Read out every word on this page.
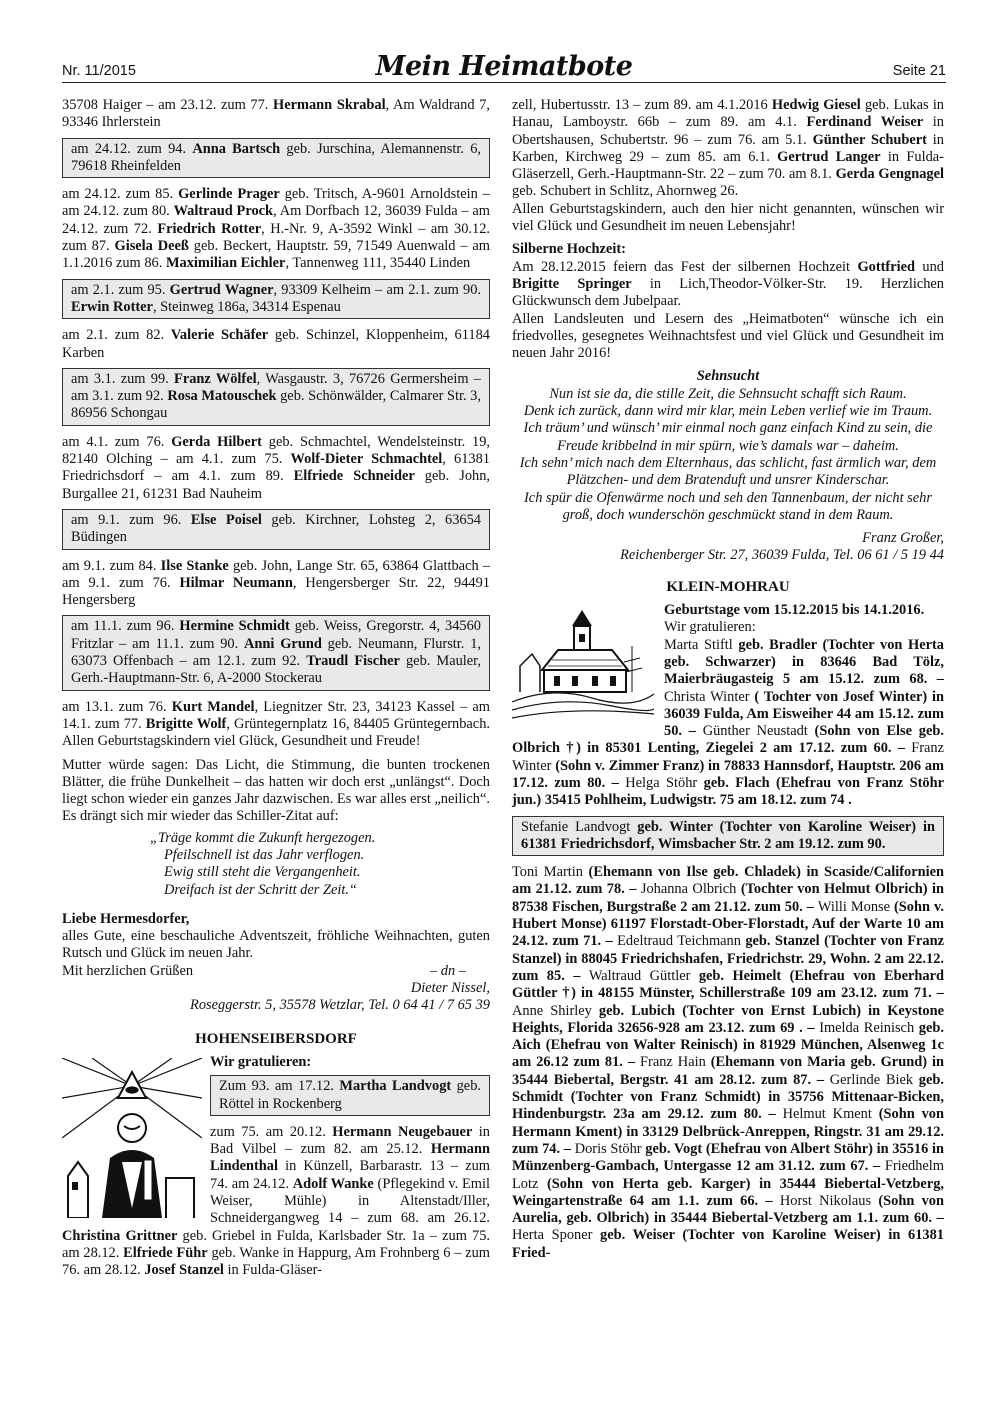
Nr. 11/2015	Mein Heimatbote	Seite 21

35708 Haiger – am 23.12. zum 77. Hermann Skrabal, Am Waldrand 7, 93346 Ihrlerstein

am 24.12. zum 94. Anna Bartsch geb. Jurschina, Alemannenstr. 6, 79618 Rheinfelden

am 24.12. zum 85. Gerlinde Prager geb. Tritsch, A-9601 Arnoldstein – am 24.12. zum 80. Waltraud Prock, Am Dorfbach 12, 36039 Fulda – am 24.12. zum 72. Friedrich Rotter, H.-Nr. 9, A-3592 Winkl – am 30.12. zum 87. Gisela Deeß geb. Beckert, Hauptstr. 59, 71549 Auenwald – am 1.1.2016 zum 86. Maximilian Eichler, Tannenweg 111, 35440 Linden

am 2.1. zum 95. Gertrud Wagner, 93309 Kelheim – am 2.1. zum 90. Erwin Rotter, Steinweg 186a, 34314 Espenau

am 2.1. zum 82. Valerie Schäfer geb. Schinzel, Kloppenheim, 61184 Karben

am 3.1. zum 99. Franz Wölfel, Wasgaustr. 3, 76726 Germersheim – am 3.1. zum 92. Rosa Matouschek geb. Schönwälder, Calmarer Str. 3, 86956 Schongau

am 4.1. zum 76. Gerda Hilbert geb. Schmachtel, Wendelsteinstr. 19, 82140 Olching – am 4.1. zum 75. Wolf-Dieter Schmachtel, 61381 Friedrichsdorf – am 4.1. zum 89. Elfriede Schneider geb. John, Burgallee 21, 61231 Bad Nauheim

am 9.1. zum 96. Else Poisel geb. Kirchner, Lohsteg 2, 63654 Büdingen

am 9.1. zum 84. Ilse Stanke geb. John, Lange Str. 65, 63864 Glattbach – am 9.1. zum 76. Hilmar Neumann, Hengersberger Str. 22, 94491 Hengersberg

am 11.1. zum 96. Hermine Schmidt geb. Weiss, Gregorstr. 4, 34560 Fritzlar – am 11.1. zum 90. Anni Grund geb. Neumann, Flurstr. 1, 63073 Offenbach – am 12.1. zum 92. Traudl Fischer geb. Mauler, Gerh.-Hauptmann-Str. 6, A-2000 Stockerau

am 13.1. zum 76. Kurt Mandel, Liegnitzer Str. 23, 34123 Kassel – am 14.1. zum 77. Brigitte Wolf, Grüntegernplatz 16, 84405 Grüntegernbach. Allen Geburtstagskindern viel Glück, Gesundheit und Freude!

Mutter würde sagen: Das Licht, die Stimmung, die bunten trockenen Blätter, die frühe Dunkelheit – das hatten wir doch erst „unlängst“. Doch liegt schon wieder ein ganzes Jahr dazwischen. Es war alles erst „neilich“.

Es drängt sich mir wieder das Schiller-Zitat auf:

„Träge kommt die Zukunft hergezogen.
Pfeilschnell ist das Jahr verflogen.
Ewig still steht die Vergangenheit.
Dreifach ist der Schritt der Zeit.“

Liebe Hermesdorfer,

alles Gute, eine beschauliche Adventszeit, fröhliche Weihnachten, guten Rutsch und Glück im neuen Jahr.

Mit herzlichen Grüßen	– dn –
Dieter Nissel,
Roseggerstr. 5, 35578 Wetzlar, Tel. 0 64 41 / 7 65 39
HOHENSEIBERSDORF
Wir gratulieren:
Zum 93. am 17.12. Martha Landvogt geb. Röttel in Rockenberg

zum 75. am 20.12. Hermann Neugebauer in Bad Vilbel – zum 82. am 25.12. Hermann Lindenthal in Künzell, Barbarastr. 13 – zum 74. am 24.12. Adolf Wanke (Pflegekind v. Emil Weiser, Mühle) in Altenstadt/Iller, Schneidergangweg 14 – zum 68. am 26.12. Christina Grittner geb. Griebel in Fulda, Karlsbader Str. 1a – zum 75. am 28.12. Elfriede Führ geb. Wanke in Happurg, Am Frohnberg 6 – zum 76. am 28.12. Josef Stanzel in Fulda-Gläser-

zell, Hubertusstr. 13 – zum 89. am 4.1.2016 Hedwig Giesel geb. Lukas in Hanau, Lamboystr. 66b – zum 89. am 4.1. Ferdinand Weiser in Obertshausen, Schubertstr. 96 – zum 76. am 5.1. Günther Schubert in Karben, Kirchweg 29 – zum 85. am 6.1. Gertrud Langer in Fulda-Gläserzell, Gerh.-Hauptmann-Str. 22 – zum 70. am 8.1. Gerda Gengnagel geb. Schubert in Schlitz, Ahornweg 26.

Allen Geburtstagskindern, auch den hier nicht genannten, wünschen wir viel Glück und Gesundheit im neuen Lebensjahr!

Silberne Hochzeit:

Am 28.12.2015 feiern das Fest der silbernen Hochzeit Gottfried und Brigitte Springer in Lich,Theodor-Völker-Str. 19. Herzlichen Glückwunsch dem Jubelpaar.

Allen Landsleuten und Lesern des „Heimatboten“ wünsche ich ein friedvolles, gesegnetes Weihnachtsfest und viel Glück und Gesundheit im neuen Jahr 2016!

Sehnsucht
Nun ist sie da, die stille Zeit, die Sehnsucht schafft sich Raum.
Denk ich zurück, dann wird mir klar, mein Leben verlief wie im Traum.
Ich träum’ und wünsch’ mir einmal noch ganz einfach Kind zu sein, die Freude kribbelnd in mir spürn, wie’s damals war – daheim.
Ich sehn’ mich nach dem Elternhaus, das schlicht, fast ärmlich war, dem Plätzchen- und dem Bratenduft und unsrer Kinderschar.
Ich spür die Ofenwärme noch und seh den Tannenbaum, der nicht sehr groß, doch wunderschön geschmückt stand in dem Raum.
Franz Großer,
Reichenberger Str. 27, 36039 Fulda, Tel. 06 61 / 5 19 44
KLEIN-MOHRAU
Geburtstage vom 15.12.2015 bis 14.1.2016.
Wir gratulieren:

Marta Stiftl geb. Bradler (Tochter von Herta geb. Schwarzer) in 83646 Bad Tölz, Maierbräugasteig 5 am 15.12. zum 68. – Christa Winter ( Tochter von Josef Winter) in 36039 Fulda, Am Eisweiher 44 am 15.12. zum 50. – Günther Neustadt (Sohn von Else geb. Olbrich †) in 85301 Lenting, Ziegelei 2 am 17.12. zum 60. – Franz Winter (Sohn v. Zimmer Franz) in 78833 Hannsdorf, Hauptstr. 206 am 17.12. zum 80. – Helga Stöhr geb. Flach (Ehefrau von Franz Stöhr jun.) 35415 Pohlheim, Ludwigstr. 75 am 18.12. zum 74 .

Stefanie Landvogt geb. Winter (Tochter von Karoline Weiser) in 61381 Friedrichsdorf, Wimsbacher Str. 2 am 19.12. zum 90.

Toni Martin (Ehemann von Ilse geb. Chladek) in Scaside/Californien am 21.12. zum 78. – Johanna Olbrich (Tochter von Helmut Olbrich) in 87538 Fischen, Burgstraße 2 am 21.12. zum 50. – Willi Monse (Sohn v. Hubert Monse) 61197 Florstadt-Ober-Florstadt, Auf der Warte 10 am 24.12. zum 71. – Edeltraud Teichmann geb. Stanzel (Tochter von Franz Stanzel) in 88045 Friedrichshafen, Friedrichstr. 29, Wohn. 2 am 22.12. zum 85. – Waltraud Güttler geb. Heimelt (Ehefrau von Eberhard Güttler †) in 48155 Münster, Schillerstraße 109 am 23.12. zum 71. – Anne Shirley geb. Lubich (Tochter von Ernst Lubich) in Keystone Heights, Florida 32656-928 am 23.12. zum 69 . – Imelda Reinisch geb. Aich (Ehefrau von Walter Reinisch) in 81929 München, Alsenweg 1c am 26.12 zum 81. – Franz Hain (Ehemann von Maria geb. Grund) in 35444 Biebertal, Bergstr. 41 am 28.12. zum 87. – Gerlinde Biek geb. Schmidt (Tochter von Franz Schmidt) in 35756 Mittenaar-Bicken, Hindenburgstr. 23a am 29.12. zum 80. – Helmut Kment (Sohn von Hermann Kment) in 33129 Delbrück-Anreppen, Ringstr. 31 am 29.12. zum 74. – Doris Stöhr geb. Vogt (Ehefrau von Albert Stöhr) in 35516 in Münzenberg-Gambach, Untergasse 12 am 31.12. zum 67. – Friedhelm Lotz (Sohn von Herta geb. Karger) in 35444 Biebertal-Vetzberg, Weingartenstraße 64 am 1.1. zum 66. – Horst Nikolaus (Sohn von Aurelia, geb. Olbrich) in 35444 Biebertal-Vetzberg am 1.1. zum 60. – Herta Sponer geb. Weiser (Tochter von Karoline Weiser) in 61381 Fried-
